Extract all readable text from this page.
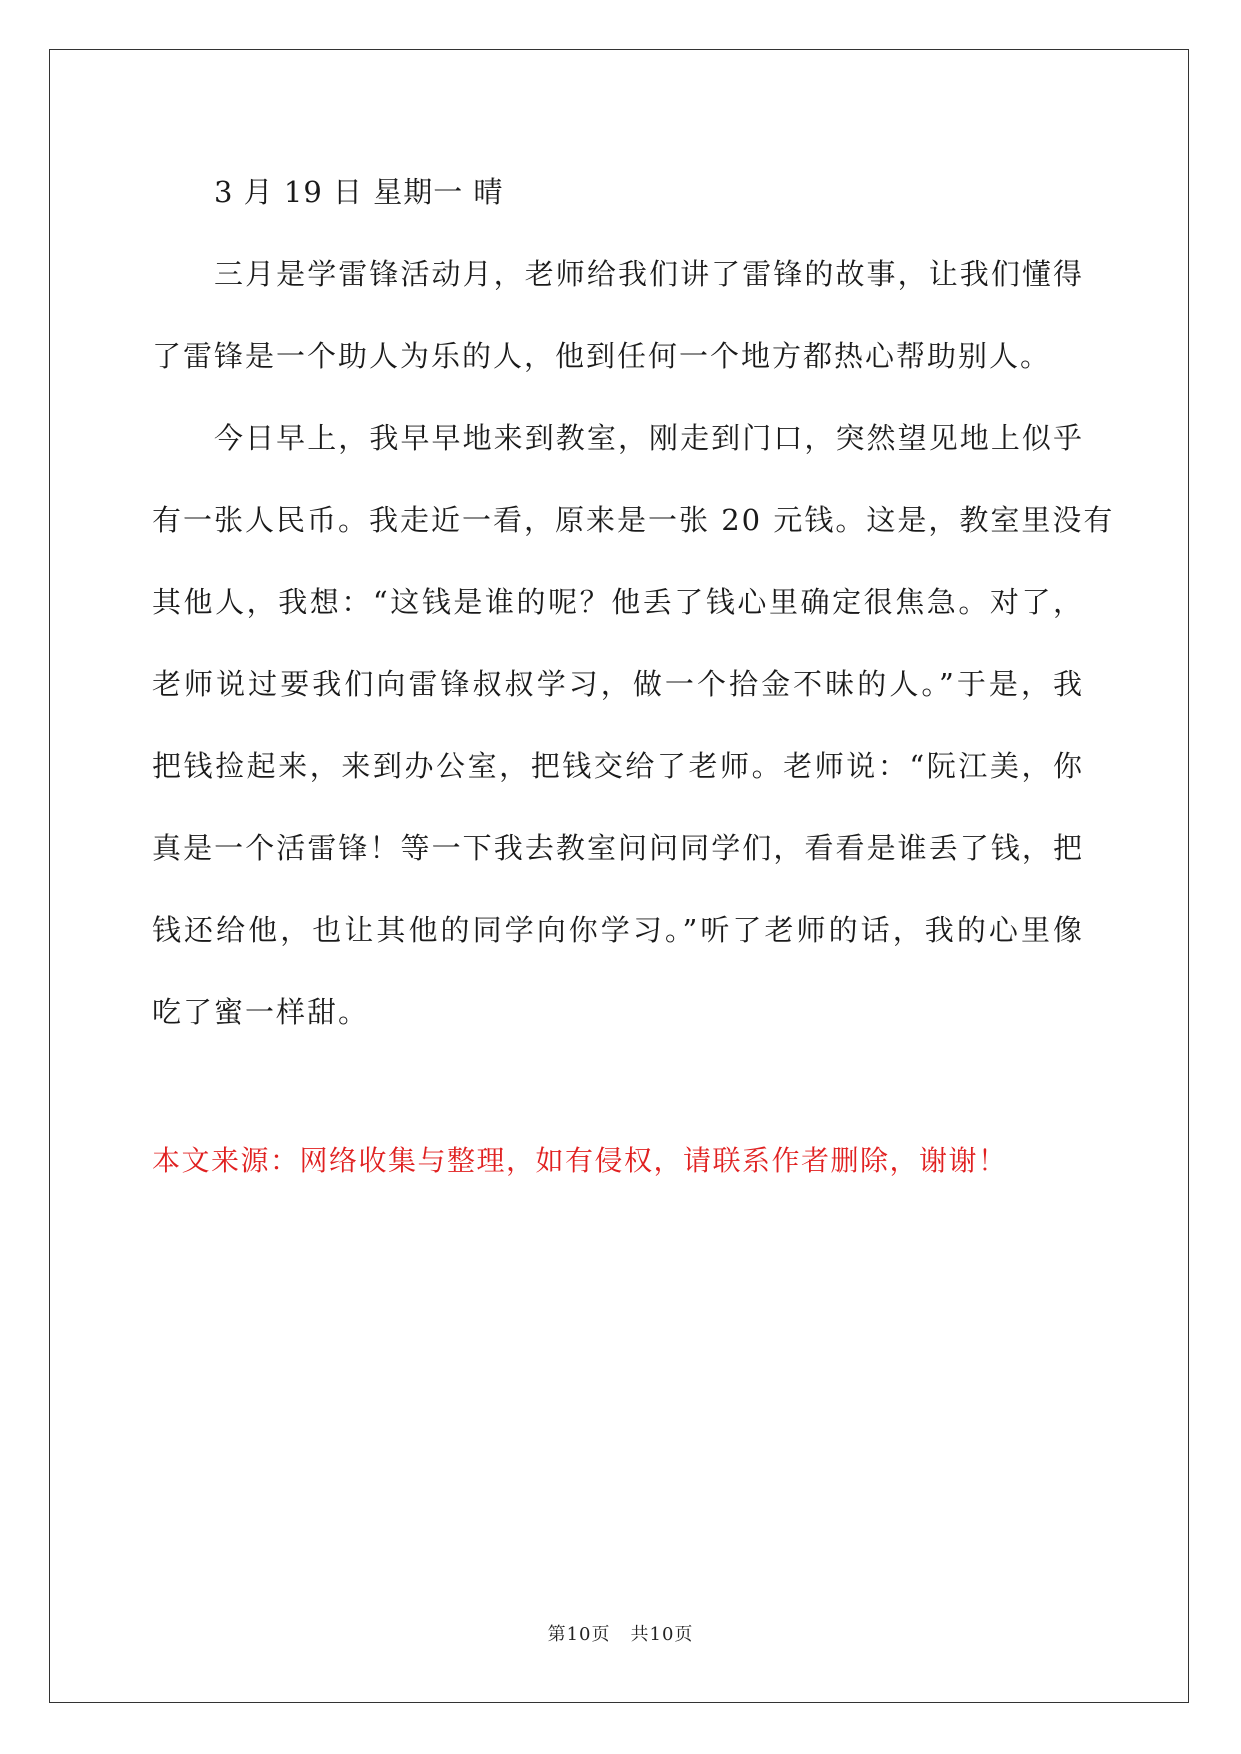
3 月 19 日 星期一 晴
三月是学雷锋活动月，老师给我们讲了雷锋的故事，让我们懂得
了雷锋是一个助人为乐的人，他到任何一个地方都热心帮助别人。
今日早上，我早早地来到教室，刚走到门口，突然望见地上似乎
有一张人民币。我走近一看，原来是一张 20 元钱。这是，教室里没有
其他人，我想：“这钱是谁的呢？他丢了钱心里确定很焦急。对了，
老师说过要我们向雷锋叔叔学习，做一个拾金不昧的人。”于是，我
把钱捡起来，来到办公室，把钱交给了老师。老师说：“阮江美，你
真是一个活雷锋！等一下我去教室问问同学们，看看是谁丢了钱，把
钱还给他，也让其他的同学向你学习。”听了老师的话，我的心里像
吃了蜜一样甜。
本文来源：网络收集与整理，如有侵权，请联系作者删除，谢谢！
第10页 共10页
